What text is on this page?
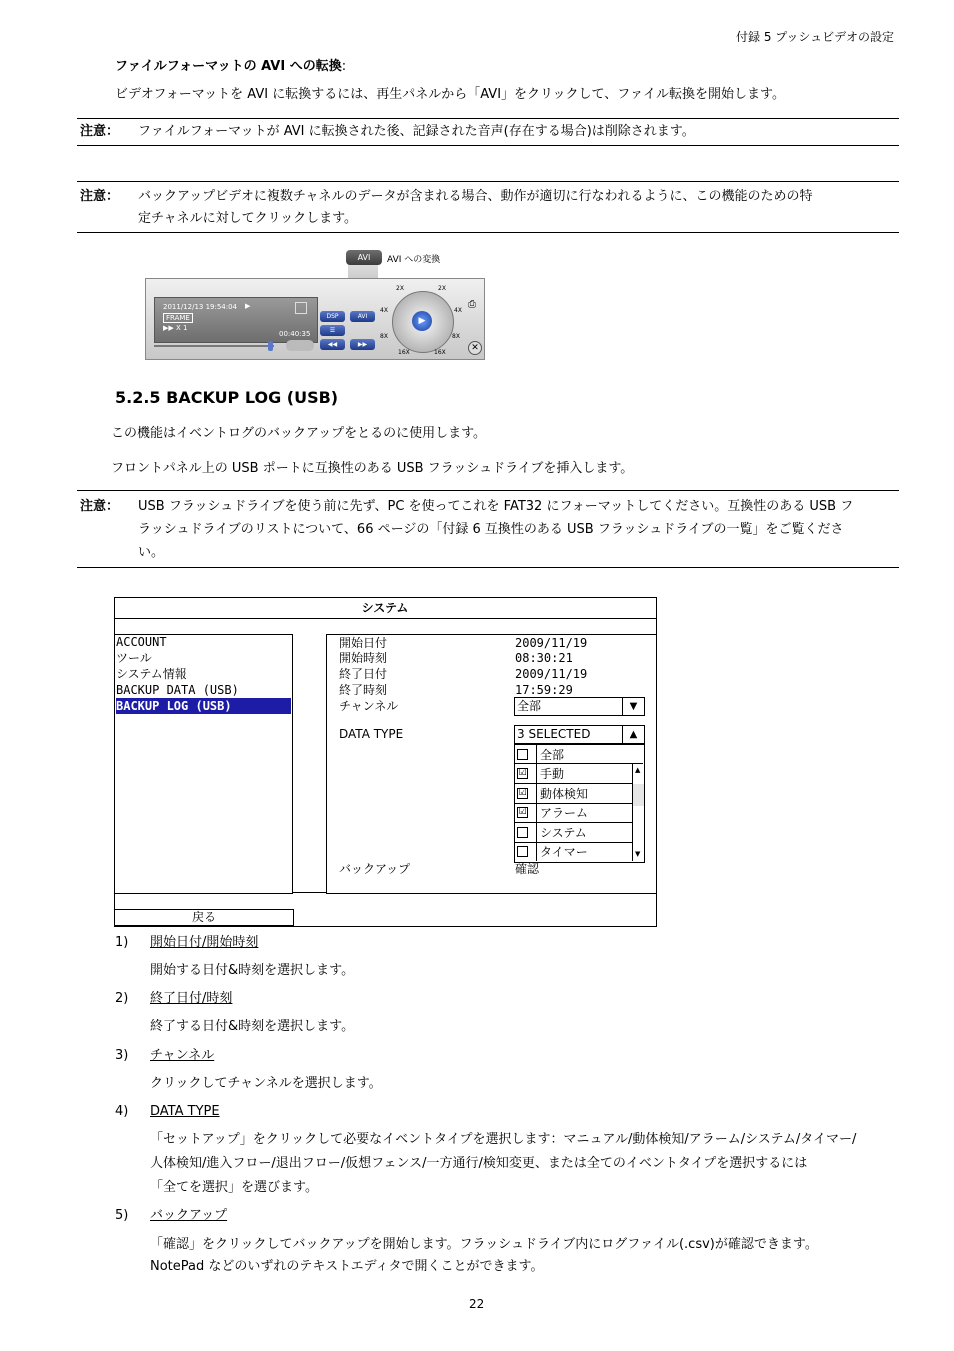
付録 5 プッシュビデオの設定
ファイルフォーマットの AVI への転換:
ビデオフォーマットを AVI に転換するには、再生パネルから「AVI」をクリックして、ファイル転換を開始します。
注意： ファイルフォーマットが AVI に転換された後、記録された音声(存在する場合)は削除されます。
注意： バックアップビデオに複数チャネルのデータが含まれる場合、動作が適切に行なわれるように、この機能のための特
定チャネルに対してクリックします。
AVI	AVI への変換
2011/12/13 19:54:04 ▶
FRAME
▶▶ X 1
00:40:35
DSP	AVI
☰
◀◀	▶▶
▶
2X	2X
4X	4X
8X	8X
16X	16X	✕
⎙
5.2.5 BACKUP LOG (USB)
この機能はイベントログのバックアップをとるのに使用します。
フロントパネル上の USB ポートに互換性のある USB フラッシュドライブを挿入します。
注意： USB フラッシュドライブを使う前に先ず、PC を使ってこれを FAT32 にフォーマットしてください。互換性のある USB フ
ラッシュドライブのリストについて、66 ページの「付録 6 互換性のある USB フラッシュドライブの一覧」をご覧くださ
い。
システム
ACCOUNT
ツール
システム情報
BACKUP DATA (USB)
BACKUP LOG (USB)
開始日付	2009/11/19
開始時刻	08:30:21
終了日付	2009/11/19
終了時刻	17:59:29
チャンネル	全部	▼
DATA TYPE	3 SELECTED	▲
▲
▼
全部
☑ 手動
☑ 動体検知
☑ アラーム
システム
タイマー
バックアップ	確認
戻る
1) 開始日付/開始時刻
開始する日付&時刻を選択します。
2) 終了日付/時刻
終了する日付&時刻を選択します。
3) チャンネル
クリックしてチャンネルを選択します。
4) DATA TYPE
「セットアップ」をクリックして必要なイベントタイプを選択します：マニュアル/動体検知/アラーム/システム/タイマー/
人体検知/進入フロー/退出フロー/仮想フェンス/一方通行/検知変更、または全てのイベントタイプを選択するには
「全てを選択」を選びます。
5) バックアップ
「確認」をクリックしてバックアップを開始します。フラッシュドライブ内にログファイル(.csv)が確認できます。
NotePad などのいずれのテキストエディタで開くことができます。
22
